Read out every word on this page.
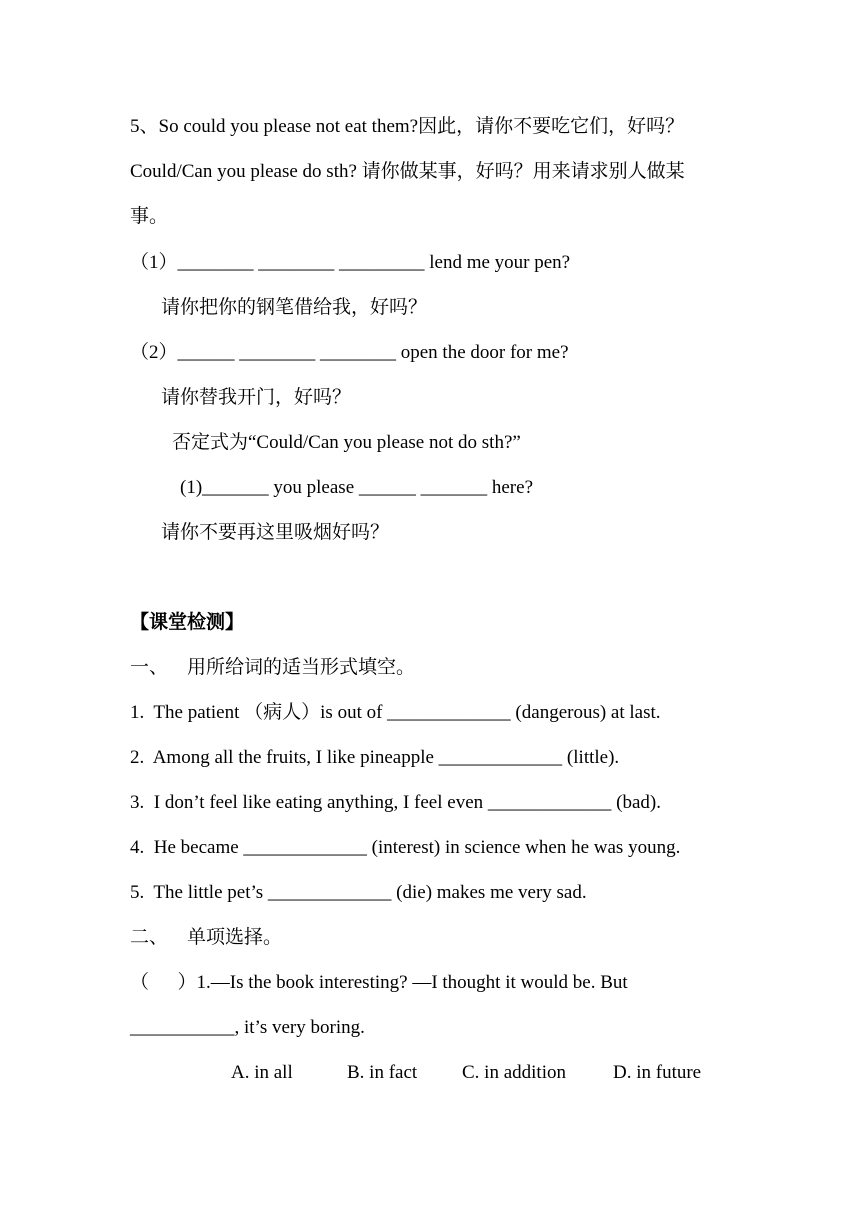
5、So could you please not eat them?因此，请你不要吃它们，好吗？
Could/Can you please do sth? 请你做某事，好吗？用来请求别人做某
事。
（1）________ ________ _________ lend me your pen?
请你把你的钢笔借给我，好吗？
（2）______ ________ ________ open the door for me?
请你替我开门，好吗？
否定式为“Could/Can you please not do sth?”
(1)_______ you please ______ _______ here?
请你不要再这里吸烟好吗？
【课堂检测】
一、    用所给词的适当形式填空。
1.  The patient （病人）is out of _____________ (dangerous) at last.
2.  Among all the fruits, I like pineapple _____________ (little).
3.  I don’t feel like eating anything, I feel even _____________ (bad).
4.  He became _____________ (interest) in science when he was young.
5.  The little pet’s _____________ (die) makes me very sad.
二、    单项选择。
（      ）1.—Is the book interesting? —I thought it would be. But
___________, it’s very boring.
A. in all	B. in fact C. in addition D. in future
